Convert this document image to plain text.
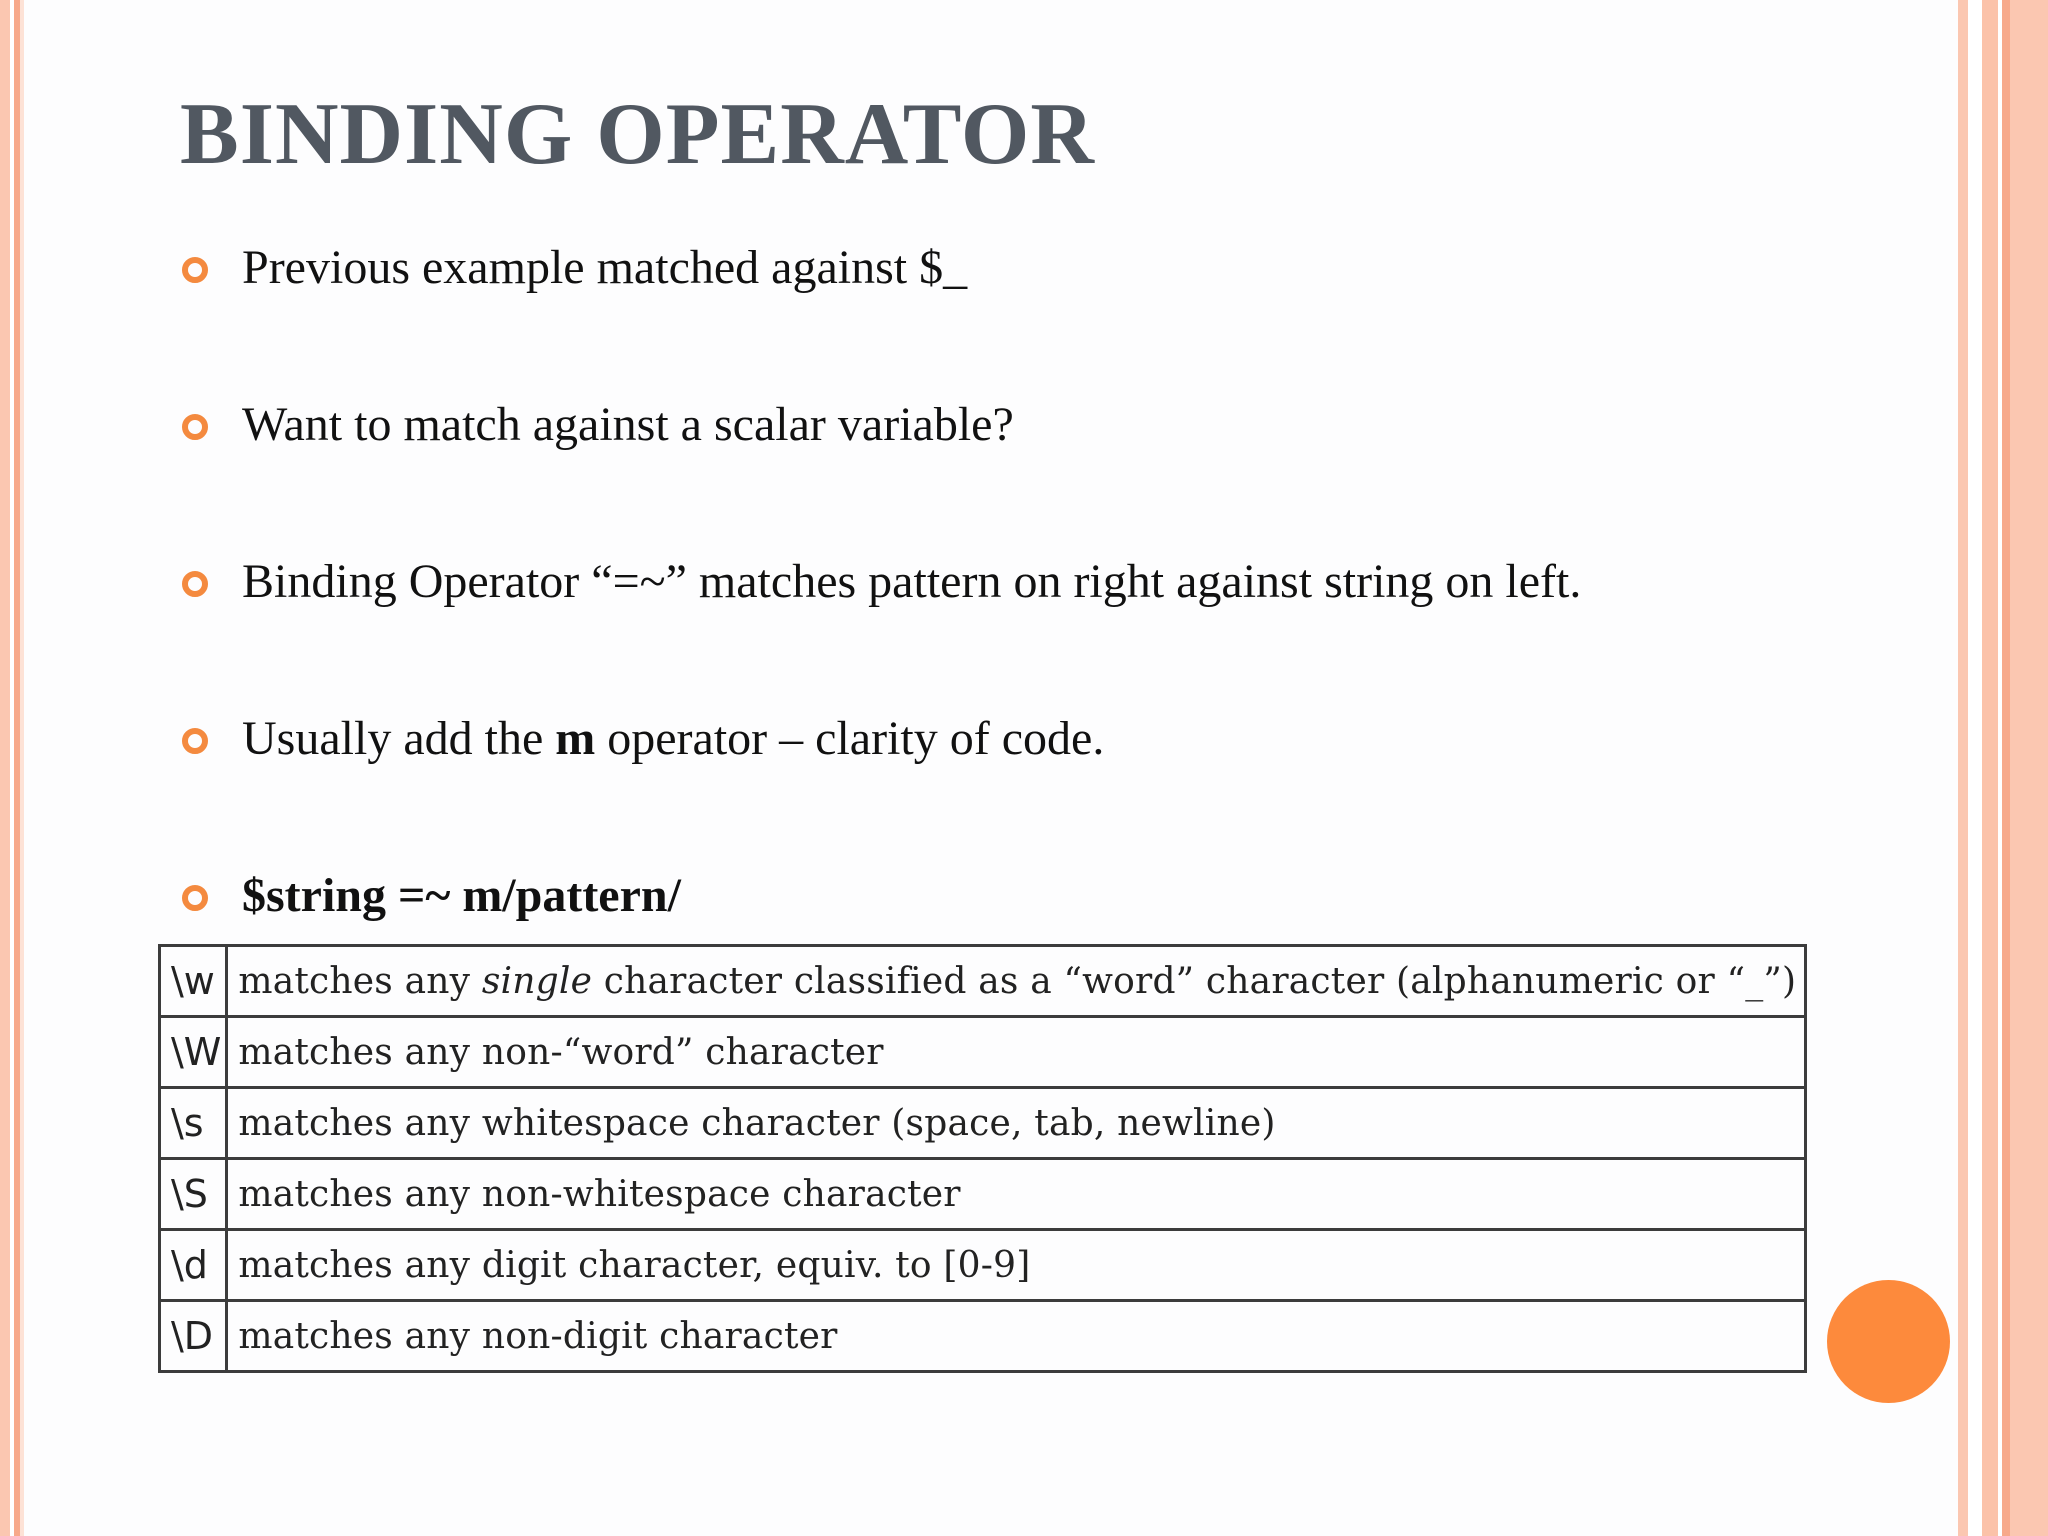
BINDING OPERATOR
Previous example matched against $_
Want to match against a scalar variable?
Binding Operator “=~” matches pattern on right against string on left.
Usually add the m operator – clarity of code.
$string =~ m/pattern/
\w	matches any single character classified as a “word” character (alphanumeric or “_”)
\W	matches any non-“word” character
\s	matches any whitespace character (space, tab, newline)
\S	matches any non-whitespace character
\d	matches any digit character, equiv. to [0-9]
\D	matches any non-digit character
